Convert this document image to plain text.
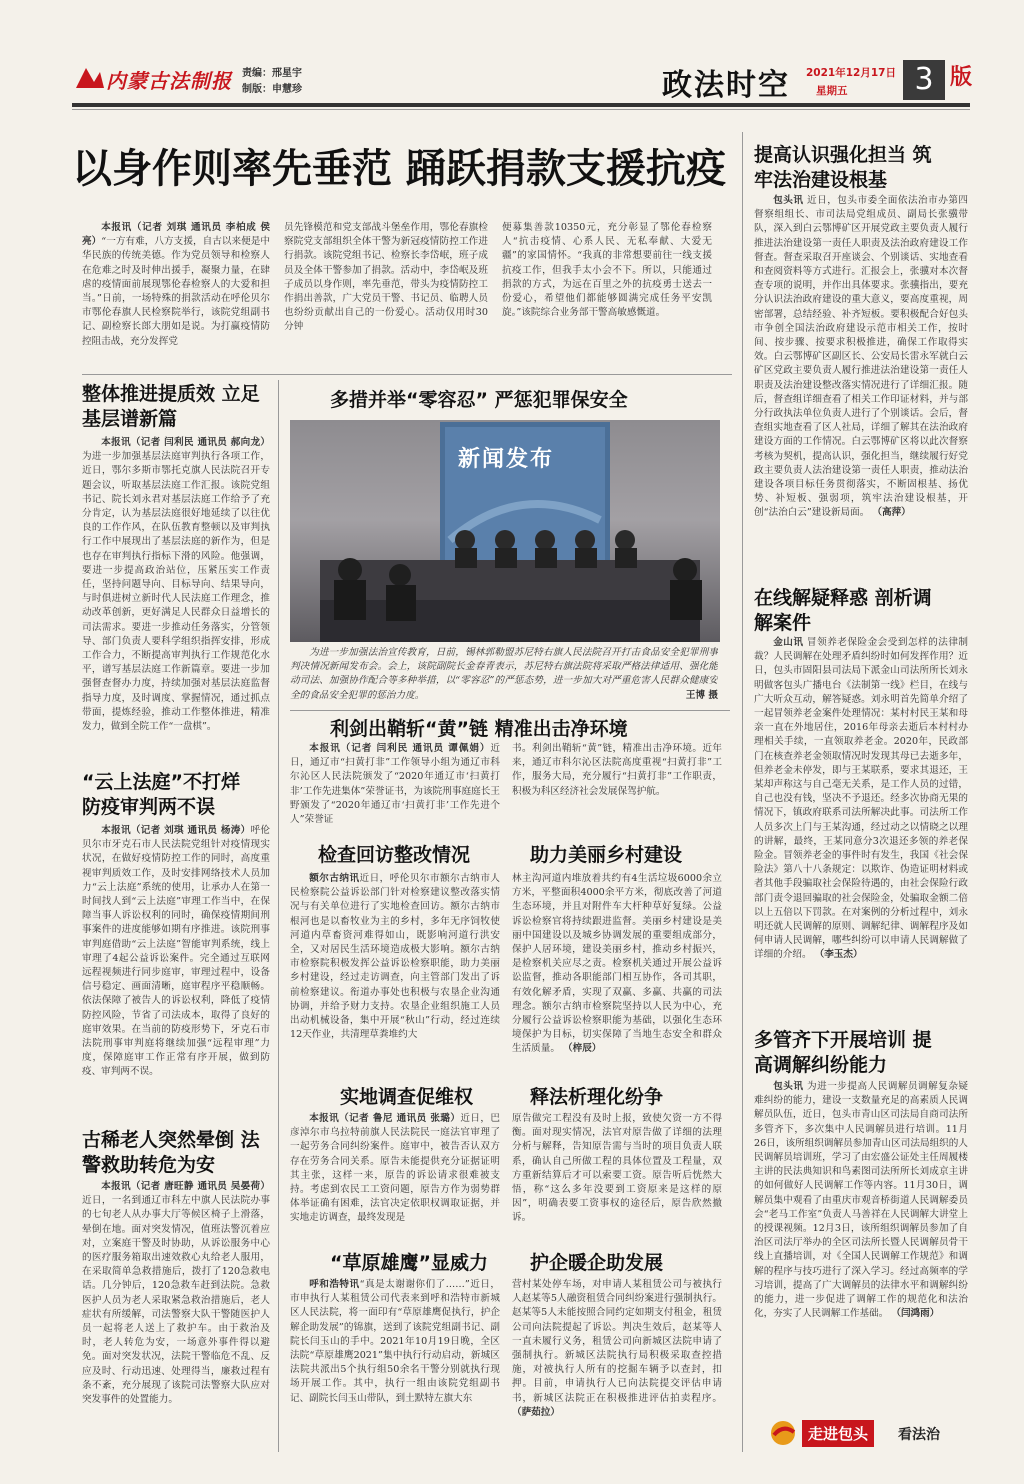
内蒙古法制报 责编：邢星宇
制版：申慧珍	政法时空 2021年12月17日
星期五	3 版
以身作则率先垂范 踊跃捐款支援抗疫

本报讯（记者 刘琪 通讯员 李柏成 侯亮）“一方有难，八方支援，自古以来便是中华民族的传统美德。作为党员领导和检察人在危难之时及时伸出援手，凝聚力量，在肆虐的疫情面前展现鄂伦春检察人的大爱和担当。”日前，一场特殊的捐款活动在呼伦贝尔市鄂伦春旗人民检察院举行，该院党组副书记、副检察长郎大朋如是说。为打赢疫情防控阻击战，充分发挥党

员先锋模范和党支部战斗堡垒作用，鄂伦春旗检察院党支部组织全体干警为新冠疫情防控工作进行捐款。该院党组书记、检察长李岱岷，班子成员及全体干警参加了捐款。活动中，李岱岷及班子成员以身作则，率先垂范，带头为疫情防控工作捐出善款，广大党员干警、书记员、临聘人员也纷纷贡献出自己的一份爱心。活动仅用时30分钟
便募集善款10350元，充分彰显了鄂伦春检察人“抗击疫情、心系人民、无私奉献、大爱无疆”的家国情怀。“我真的非常想要前往一线支援抗疫工作，但我手太小会不下。所以，只能通过捐款的方式，为远在百里之外的抗疫勇士送去一份爱心，希望他们都能够圆满完成任务平安凯旋。”该院综合业务部干警高敏感慨道。
整体推进提质效 立足基层谱新篇

本报讯（记者 闫利民 通讯员 郝向龙）为进一步加强基层法庭审判执行各项工作，近日，鄂尔多斯市鄂托克旗人民法院召开专题会议，听取基层法庭工作汇报。该院党组书记、院长刘永君对基层法庭工作给予了充分肯定，认为基层法庭很好地延续了以往优良的工作作风，在队伍教育整顿以及审判执行工作中展现出了基层法庭的新作为，但是也存在审判执行指标下滑的风险。他强调，要进一步提高政治站位，压紧压实工作责任，坚持问题导向、目标导向、结果导向，与时俱进树立新时代人民法庭工作理念，推动改革创新，更好满足人民群众日益增长的司法需求。要进一步推动任务落实，分管领导、部门负责人要科学组织指挥安排，形成工作合力，不断提高审判执行工作规范化水平，谱写基层法庭工作新篇章。要进一步加强督查督办力度，持续加强对基层法庭监督指导力度，及时调度、掌握情况，通过抓点带面，提炼经验，推动工作整体推进，精准发力，做到全院工作“一盘棋”。

“云上法庭”不打烊 防疫审判两不误

本报讯（记者 刘琪 通讯员 杨涛）呼伦贝尔市牙克石市人民法院党组针对疫情现实状况，在做好疫情防控工作的同时，高度重视审判质效工作，及时安排网络技术人员加力“云上法庭”系统的使用，让承办人在第一时间找人到“云上法庭”审理工作当中，在保障当事人诉讼权利的同时，确保疫情期间刑事案件的进度能够如期有序推进。该院刑事审判庭借助“云上法庭”智能审判系统，线上审理了4起公益诉讼案件。完全通过互联网远程视频进行同步庭审，审理过程中，设备信号稳定、画面清晰，庭审程序平稳顺畅。依法保障了被告人的诉讼权利，降低了疫情防控风险，节省了司法成本，取得了良好的庭审效果。在当前的防疫形势下，牙克石市法院刑事审判庭将继续加强“远程审理”力度，保障庭审工作正常有序开展，做到防疫、审判两不误。

古稀老人突然晕倒 法警救助转危为安

本报讯（记者 唐旺静 通讯员 吴晏荷）近日，一名到通辽市科左中旗人民法院办事的七旬老人从办事大厅等候区椅子上滑落，晕倒在地。面对突发情况，值班法警沉着应对，立案庭干警及时协助，从诉讼服务中心的医疗服务箱取出速效救心丸给老人服用，在采取简单急救措施后，拨打了120急救电话。几分钟后，120急救车赶到法院。急救医护人员为老人采取紧急救治措施后，老人症状有所缓解，司法警察大队干警随医护人员一起将老人送上了救护车。由于救治及时，老人转危为安，一场意外事件得以避免。面对突发状况，法院干警临危不乱、反应及时、行动迅速、处理得当，廉救过程有条不紊，充分展现了该院司法警察大队应对突发事件的处置能力。

多措并举“零容忍” 严惩犯罪保安全
新闻发布

为进一步加强法治宣传教育，日前，锡林郭勒盟苏尼特右旗人民法院召开打击食品安全犯罪刑事判决情况新闻发布会。会上，该院副院长金春青表示，苏尼特右旗法院将采取严格法律适用、强化能动司法、加强协作配合等多种举措，以“零容忍”的严惩态势，进一步加大对严重危害人民群众健康安全的食品安全犯罪的惩治力度。	王博 摄

利剑出鞘斩“黄”链 精准出击净环境

本报讯（记者 闫利民 通讯员 谭佩娟）近日，通辽市“扫黄打非”工作领导小组为通辽市科尔沁区人民法院颁发了“2020年通辽市‘扫黄打非’工作先进集体”荣誉证书，为该院刑事庭庭长王野颁发了“2020年通辽市‘扫黄打非’工作先进个人”荣誉证

书。利剑出鞘斩“黄”链，精准出击净环境。近年来，通辽市科尔沁区法院高度重视“扫黄打非”工作，服务大局，充分履行“扫黄打非”工作职责，积极为科区经济社会发展保驾护航。
检查回访整改情况	助力美丽乡村建设

额尔古纳讯近日，呼伦贝尔市额尔古纳市人民检察院公益诉讼部门针对检察建议整改落实情况与有关单位进行了实地检查回访。额尔古纳市根河也是以畜牧业为主的乡村，多年无序饲牧使河道内草畜资河难得如山，既影响河道行洪安全，又对居民生活环境造成极大影响。额尔古纳市检察院积极发挥公益诉讼检察职能，助力美丽乡村建设，经过走访调查，向主管部门发出了诉前检察建议。衔道办事处也积极与农垦企业沟通协调，并给予财力支持。农垦企业组织施工人员出动机械设备，集中开展“秋山”行动，经过连续12天作业，共清理草粪堆约大

林主沟河道内堆放着共约有4生活垃圾6000余立方米，平整面积4000余平方米，彻底改善了河道生态环境，并且对附件车大杆种草好复绿。公益诉讼检察官将持续跟进监督。美丽乡村建设是美丽中国建设以及城乡协调发展的重要组成部分，保护人居环境，建设美丽乡村，推动乡村振兴，是检察机关应尽之责。检察机关通过开展公益诉讼监督，推动各职能部门相互协作，各司其职，有效化解矛盾，实现了双赢、多赢、共赢的司法理念。额尔古纳市检察院坚持以人民为中心，充分履行公益诉讼检察职能为基础，以强化生态环境保护为目标，切实保障了当地生态安全和群众生活质量。 （梓辰）
实地调查促维权	释法析理化纷争

本报讯（记者 鲁尼 通讯员 张璐）近日，巴彦淖尔市乌拉特前旗人民法院民一庭法官审理了一起劳务合同纠纷案件。庭审中，被告否认双方存在劳务合同关系。原告未能提供充分证据证明其主张，这样一来，原告的诉讼请求很难被支持。考虑到农民工工资问题，原告方作为弱势群体举证确有困难，法官决定依职权调取证据，并实地走访调查，最终发现是

原告做完工程没有及时上报，致使欠资一方不得衡。面对现实情况，法官对原告做了详细的法理分析与解释，告知原告需与当时的项目负责人联系，确认自己所做工程的具体位置及工程量，双方重新结算后才可以索要工资。原告听后恍然大悟，称“这么多年没要到工资原来是这样的原因”，明确表要工资事权的途径后，原告欣然撤诉。
“草原雄鹰”显威力	护企暖企助发展

呼和浩特讯“真是太谢谢你们了……”近日，市申执行人某租赁公司代表来到呼和浩特市新城区人民法院，将一面印有“草原雄鹰促执行，护企解企助发展”的锦旗，送到了该院党组副书记、副院长闫玉山的手中。2021年10月19日晚，全区法院“草原雄鹰2021”集中执行行动启动，新城区法院共派出5个执行组50余名干警分别就执行现场开展工作。其中，执行一组由该院党组副书记、副院长闫玉山带队，到土默特左旗大东

营村某处停车场，对申请人某租赁公司与被执行人赵某等5人融资租赁合同纠纷案进行强制执行。赵某等5人未能按照合同约定如期支付租金，租赁公司向法院提起了诉讼。判决生效后，赵某等人一直未履行义务，租赁公司向新城区法院申请了强制执行。新城区法院执行局积极采取查控措施，对被执行人所有的挖掘车辆予以查封，扣押。目前，申请执行人已向法院提交评估申请书，新城区法院正在积极推进评估拍卖程序。 （萨茹拉）
提高认识强化担当 筑牢法治建设根基

包头讯 近日，包头市委全面依法治市办第四督察组组长、市司法局党组成员、副局长张骥带队，深入到白云鄂博矿区开展党政主要负责人履行推进法治建设第一责任人职责及法治政府建设工作督查。督查采取召开座谈会、个别谈话、实地查看和查阅资料等方式进行。汇报会上，张骥对本次督查专项的说明，并作出具体要求。张骥指出，要充分认识法治政府建设的重大意义，要高度重视，周密部署，总结经验、补齐短板。要积极配合好包头市争创全国法治政府建设示范市相关工作，按时间、按步骤、按要求积极推进，确保工作取得实效。白云鄂博矿区副区长、公安局长雷永军就白云矿区党政主要负责人履行推进法治建设第一责任人职责及法治建设整改落实情况进行了详细汇报。随后，督查组详细查看了相关工作印证材料，并与部分行政执法单位负责人进行了个别谈话。会后，督查组实地查看了区人社局，详细了解其在法治政府建设方面的工作情况。白云鄂博矿区将以此次督察考核为契机，提高认识，强化担当，继续履行好党政主要负责人法治建设第一责任人职责，推动法治建设各项目标任务贯彻落实，不断固根基、扬优势、补短板、强弱项，筑牢法治建设根基，开创“法治白云”建设新局面。 （高萍）

在线解疑释惑 剖析调解案件

金山讯 冒领养老保险金会受到怎样的法律制裁？人民调解在处理矛盾纠纷时如何发挥作用？近日，包头市固阳县司法局下派金山司法所所长刘永明做客包头广播电台《法制第一线》栏目，在线与广大听众互动，解答疑惑。刘永明首先简单介绍了一起冒领养老金案件处理情况：某村村民王某和母亲一直在外地居住，2016年母亲去逝后本村村办理相关手续，一直领取养老金。2020年，民政部门在核查养老金领取情况时发现其母已去逝多年，但养老金未停发，即与王某联系，要求其退还，王某却声称这与自己毫无关系，是工作人员的过错，自己也没有钱，坚决不予退还。经多次协商无果的情况下，镇政府联系司法所解决此事。司法所工作人员多次上门与王某沟通，经过动之以情晓之以理的讲解，最终，王某同意分3次退还多领的养老保险金。冒领养老金的事件时有发生，我国《社会保险法》第八十八条规定：以欺诈、伪造证明材料或者其他手段骗取社会保险待遇的，由社会保险行政部门责令退回骗取的社会保险金，处骗取金额二倍以上五倍以下罚款。在对案例的分析过程中，刘永明还就人民调解的原则、调解纪律、调解程序及如何申请人民调解，哪些纠纷可以申请人民调解做了详细的介绍。 （李玉杰）

多管齐下开展培训 提高调解纠纷能力

包头讯 为进一步提高人民调解员调解复杂疑难纠纷的能力，建设一支数量充足的高素质人民调解员队伍，近日，包头市青山区司法局自商司法所多管齐下，多次集中人民调解员进行培训。11月26日，该所组织调解员参加青山区司法局组织的人民调解员培训班，学习了由宏盛公证处主任周履楼主讲的民法典知识和鸟素图司法所所长刘成京主讲的如何做好人民调解工作等内容。11月30日，调解员集中观看了由重庆市观音桥街道人民调解委员会“老马工作室”负责人马善祥在人民调解大讲堂上的授课视频。12月3日，该所组织调解员参加了自治区司法厅举办的全区司法所长暨人民调解员骨干线上直播培训，对《全国人民调解工作规范》和调解的程序与技巧进行了深入学习。经过高频率的学习培训，提高了广大调解员的法律水平和调解纠纷的能力，进一步促进了调解工作的规范化和法治化，夯实了人民调解工作基础。 （闫鸿雨）

走进包头	看法治
